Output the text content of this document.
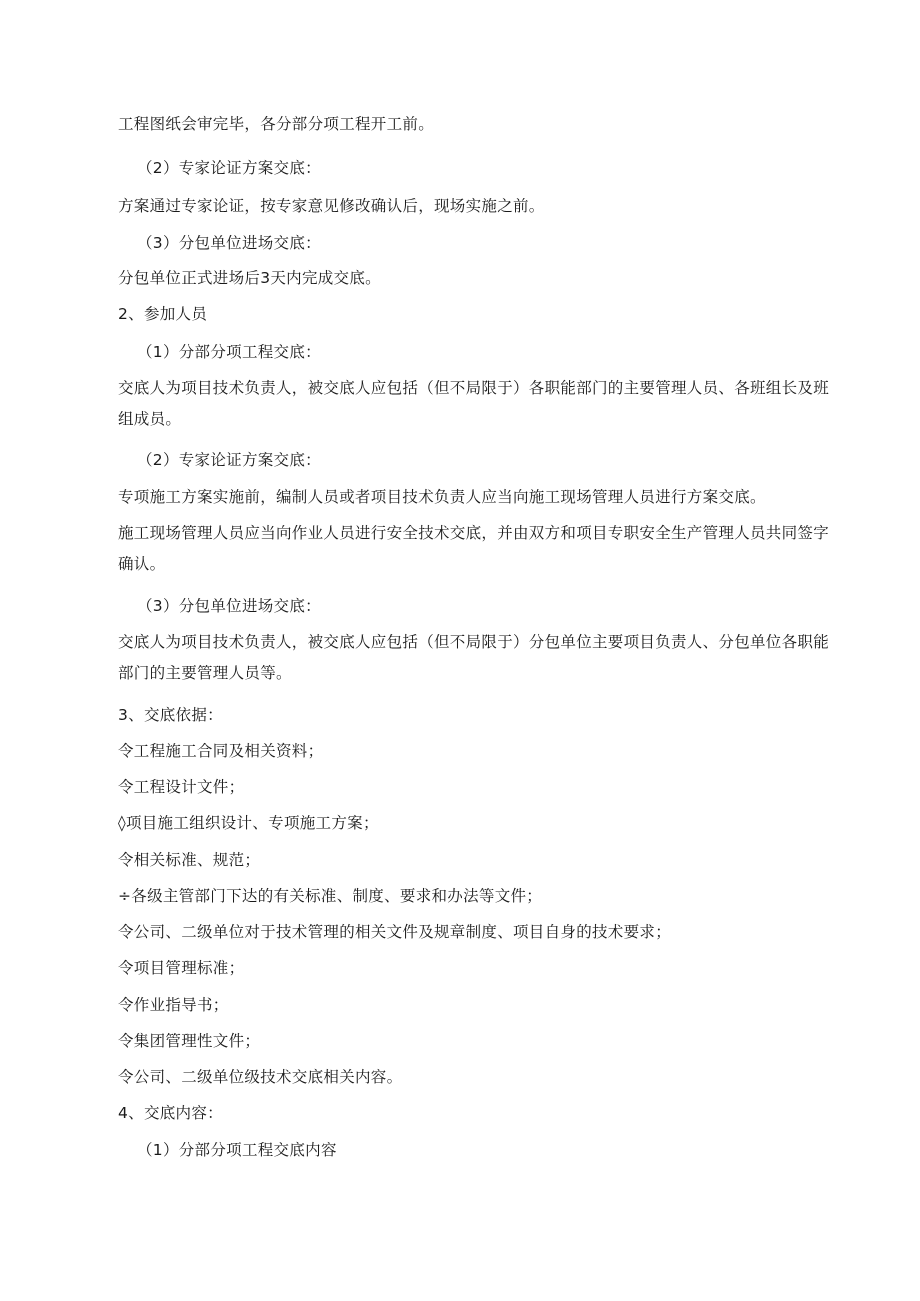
工程图纸会审完毕，各分部分项工程开工前。
（2）专家论证方案交底：
方案通过专家论证，按专家意见修改确认后，现场实施之前。
（3）分包单位进场交底：
分包单位正式进场后3天内完成交底。
2、参加人员
（1）分部分项工程交底：
交底人为项目技术负责人，被交底人应包括（但不局限于）各职能部门的主要管理人员、各班组长及班组成员。
（2）专家论证方案交底：
专项施工方案实施前，编制人员或者项目技术负责人应当向施工现场管理人员进行方案交底。
施工现场管理人员应当向作业人员进行安全技术交底，并由双方和项目专职安全生产管理人员共同签字确认。
（3）分包单位进场交底：
交底人为项目技术负责人，被交底人应包括（但不局限于）分包单位主要项目负责人、分包单位各职能部门的主要管理人员等。
3、交底依据：
令工程施工合同及相关资料；
令工程设计文件；
◊项目施工组织设计、专项施工方案；
令相关标准、规范；
÷各级主管部门下达的有关标准、制度、要求和办法等文件；
令公司、二级单位对于技术管理的相关文件及规章制度、项目自身的技术要求；
令项目管理标准；
令作业指导书；
令集团管理性文件；
令公司、二级单位级技术交底相关内容。
4、交底内容：
（1）分部分项工程交底内容
